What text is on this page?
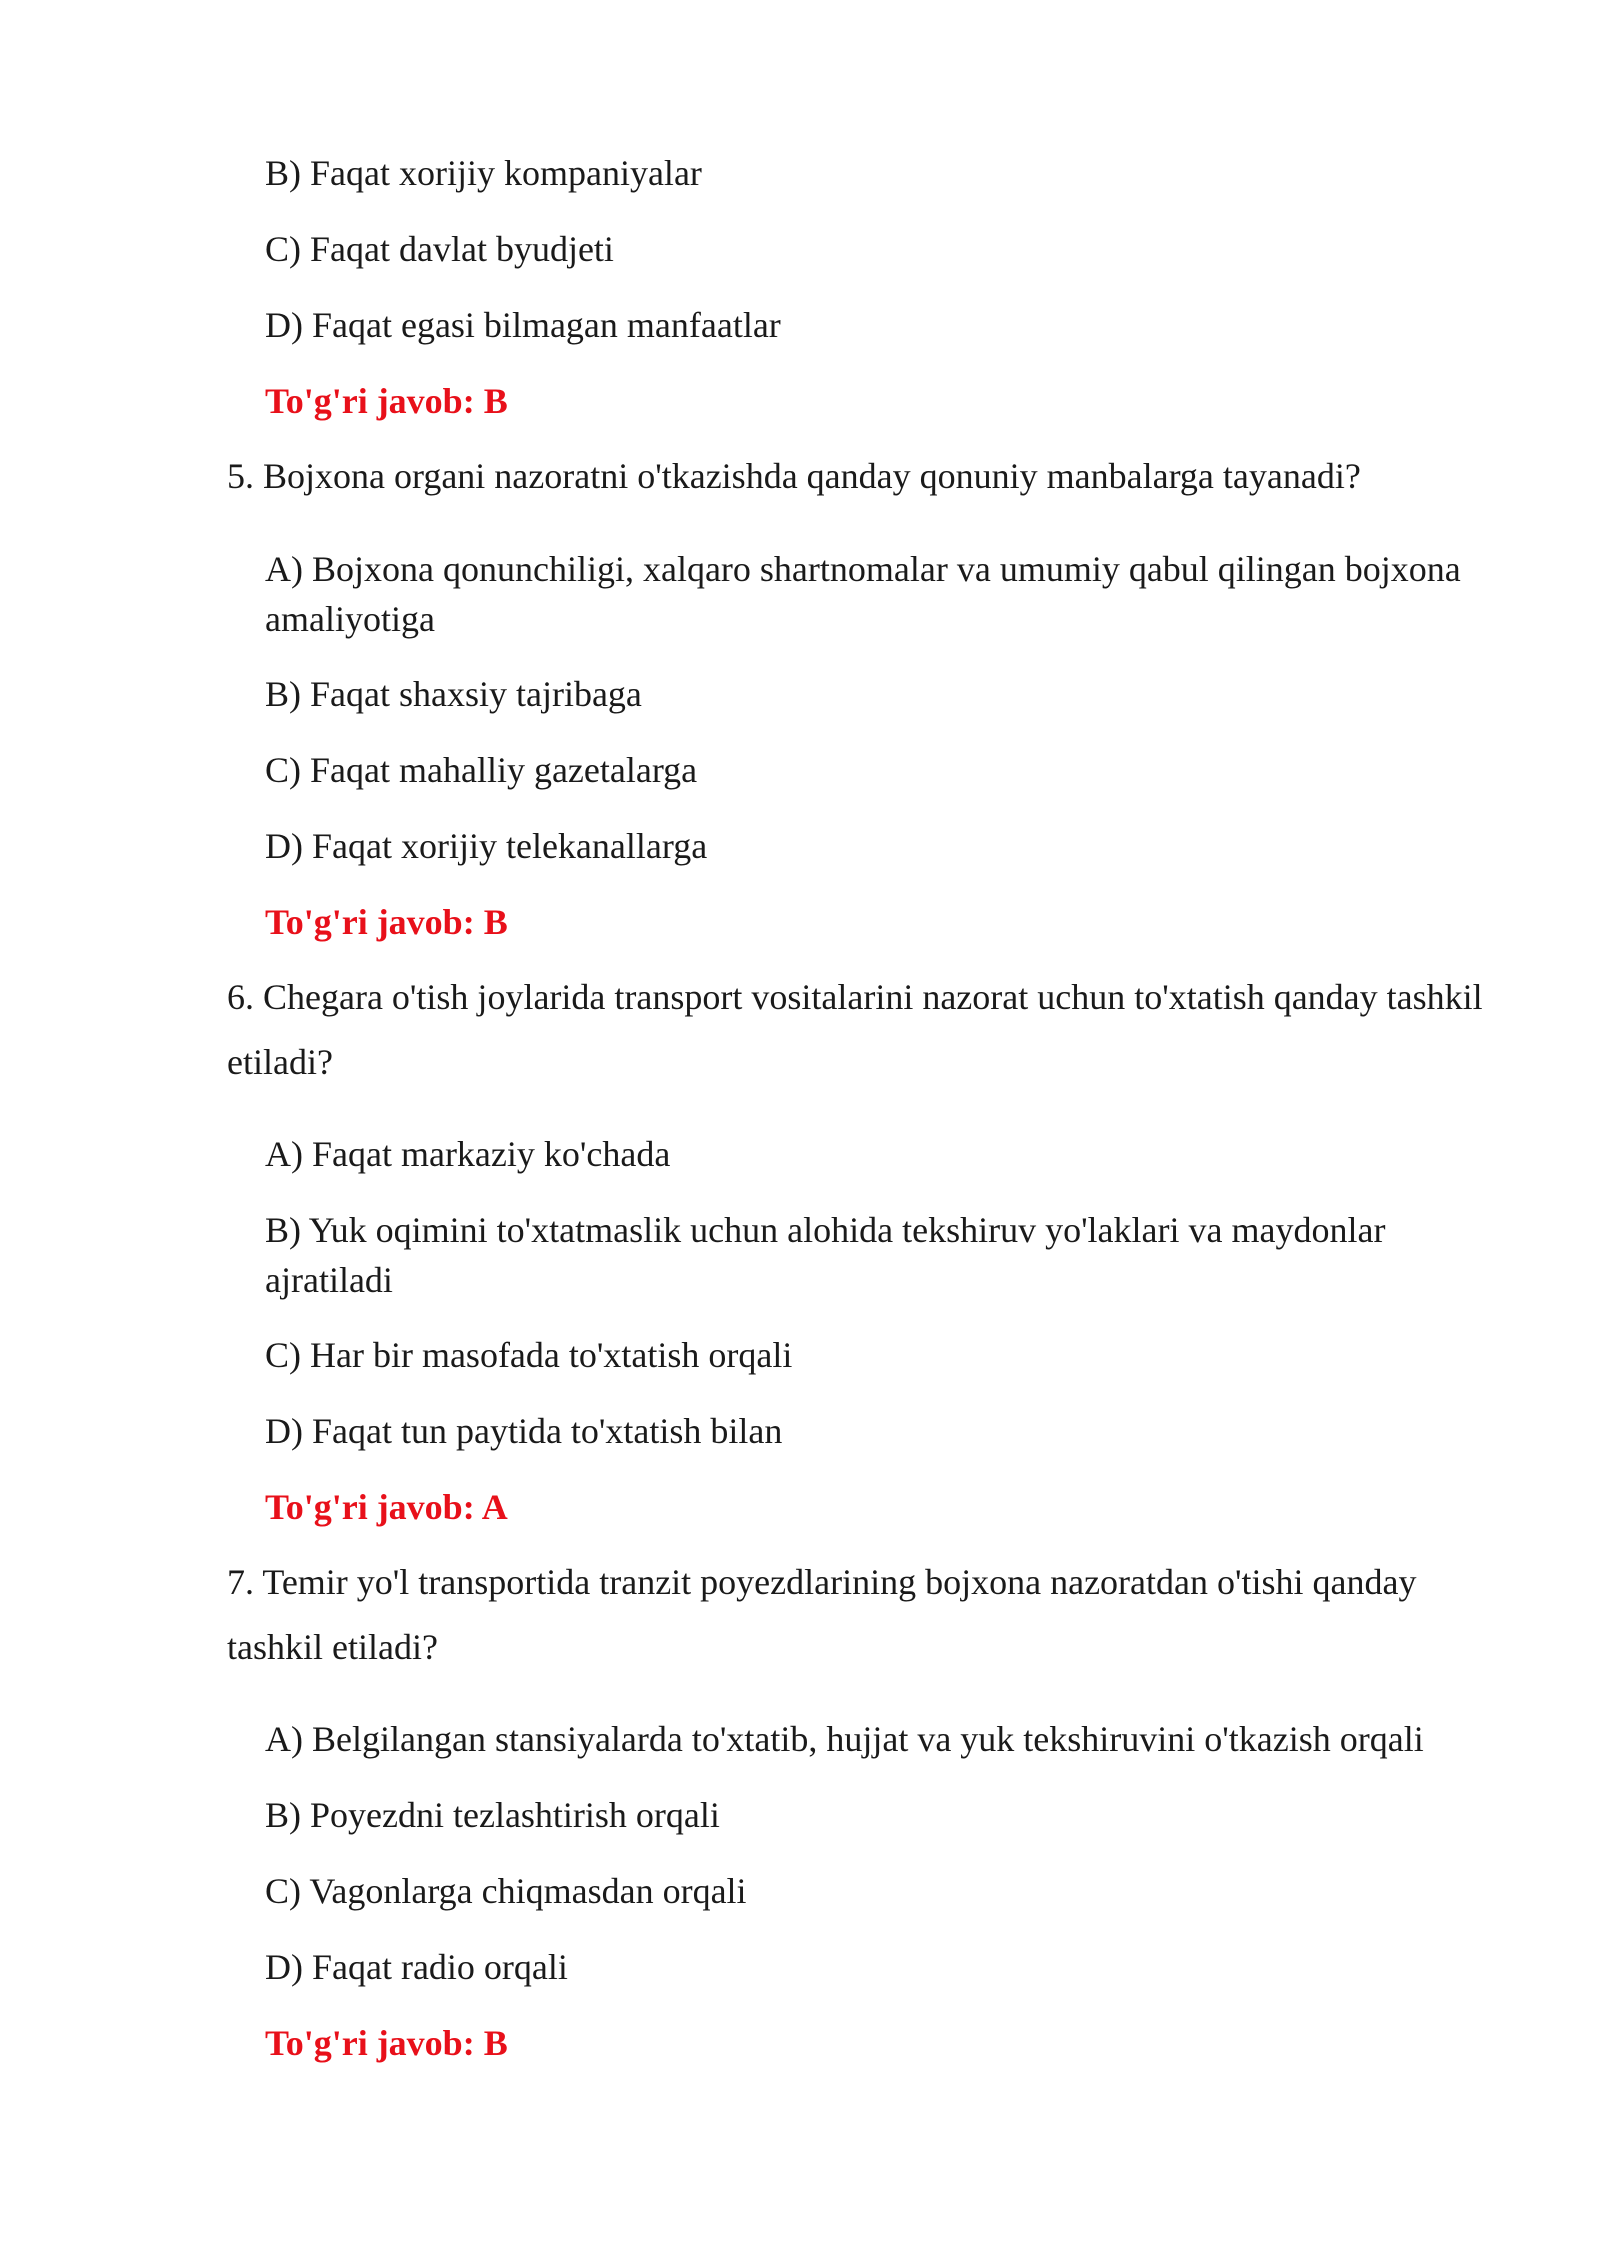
B) Faqat xorijiy kompaniyalar

C) Faqat davlat byudjeti

D) Faqat egasi bilmagan manfaatlar

To'g'ri javob: B

5. Bojxona organi nazoratni o'tkazishda qanday qonuniy manbalarga tayanadi?

A) Bojxona qonunchiligi, xalqaro shartnomalar va umumiy qabul qilingan bojxona amaliyotiga

B) Faqat shaxsiy tajribaga

C) Faqat mahalliy gazetalarga

D) Faqat xorijiy telekanallarga

To'g'ri javob: B

6. Chegara o'tish joylarida transport vositalarini nazorat uchun to'xtatish qanday tashkil etiladi?

A) Faqat markaziy ko'chada

B) Yuk oqimini to'xtatmaslik uchun alohida tekshiruv yo'laklari va maydonlar ajratiladi

C) Har bir masofada to'xtatish orqali

D) Faqat tun paytida to'xtatish bilan

To'g'ri javob: A

7. Temir yo'l transportida tranzit poyezdlarining bojxona nazoratdan o'tishi qanday tashkil etiladi?

A) Belgilangan stansiyalarda to'xtatib, hujjat va yuk tekshiruvini o'tkazish orqali

B) Poyezdni tezlashtirish orqali

C) Vagonlarga chiqmasdan orqali

D) Faqat radio orqali

To'g'ri javob: B
